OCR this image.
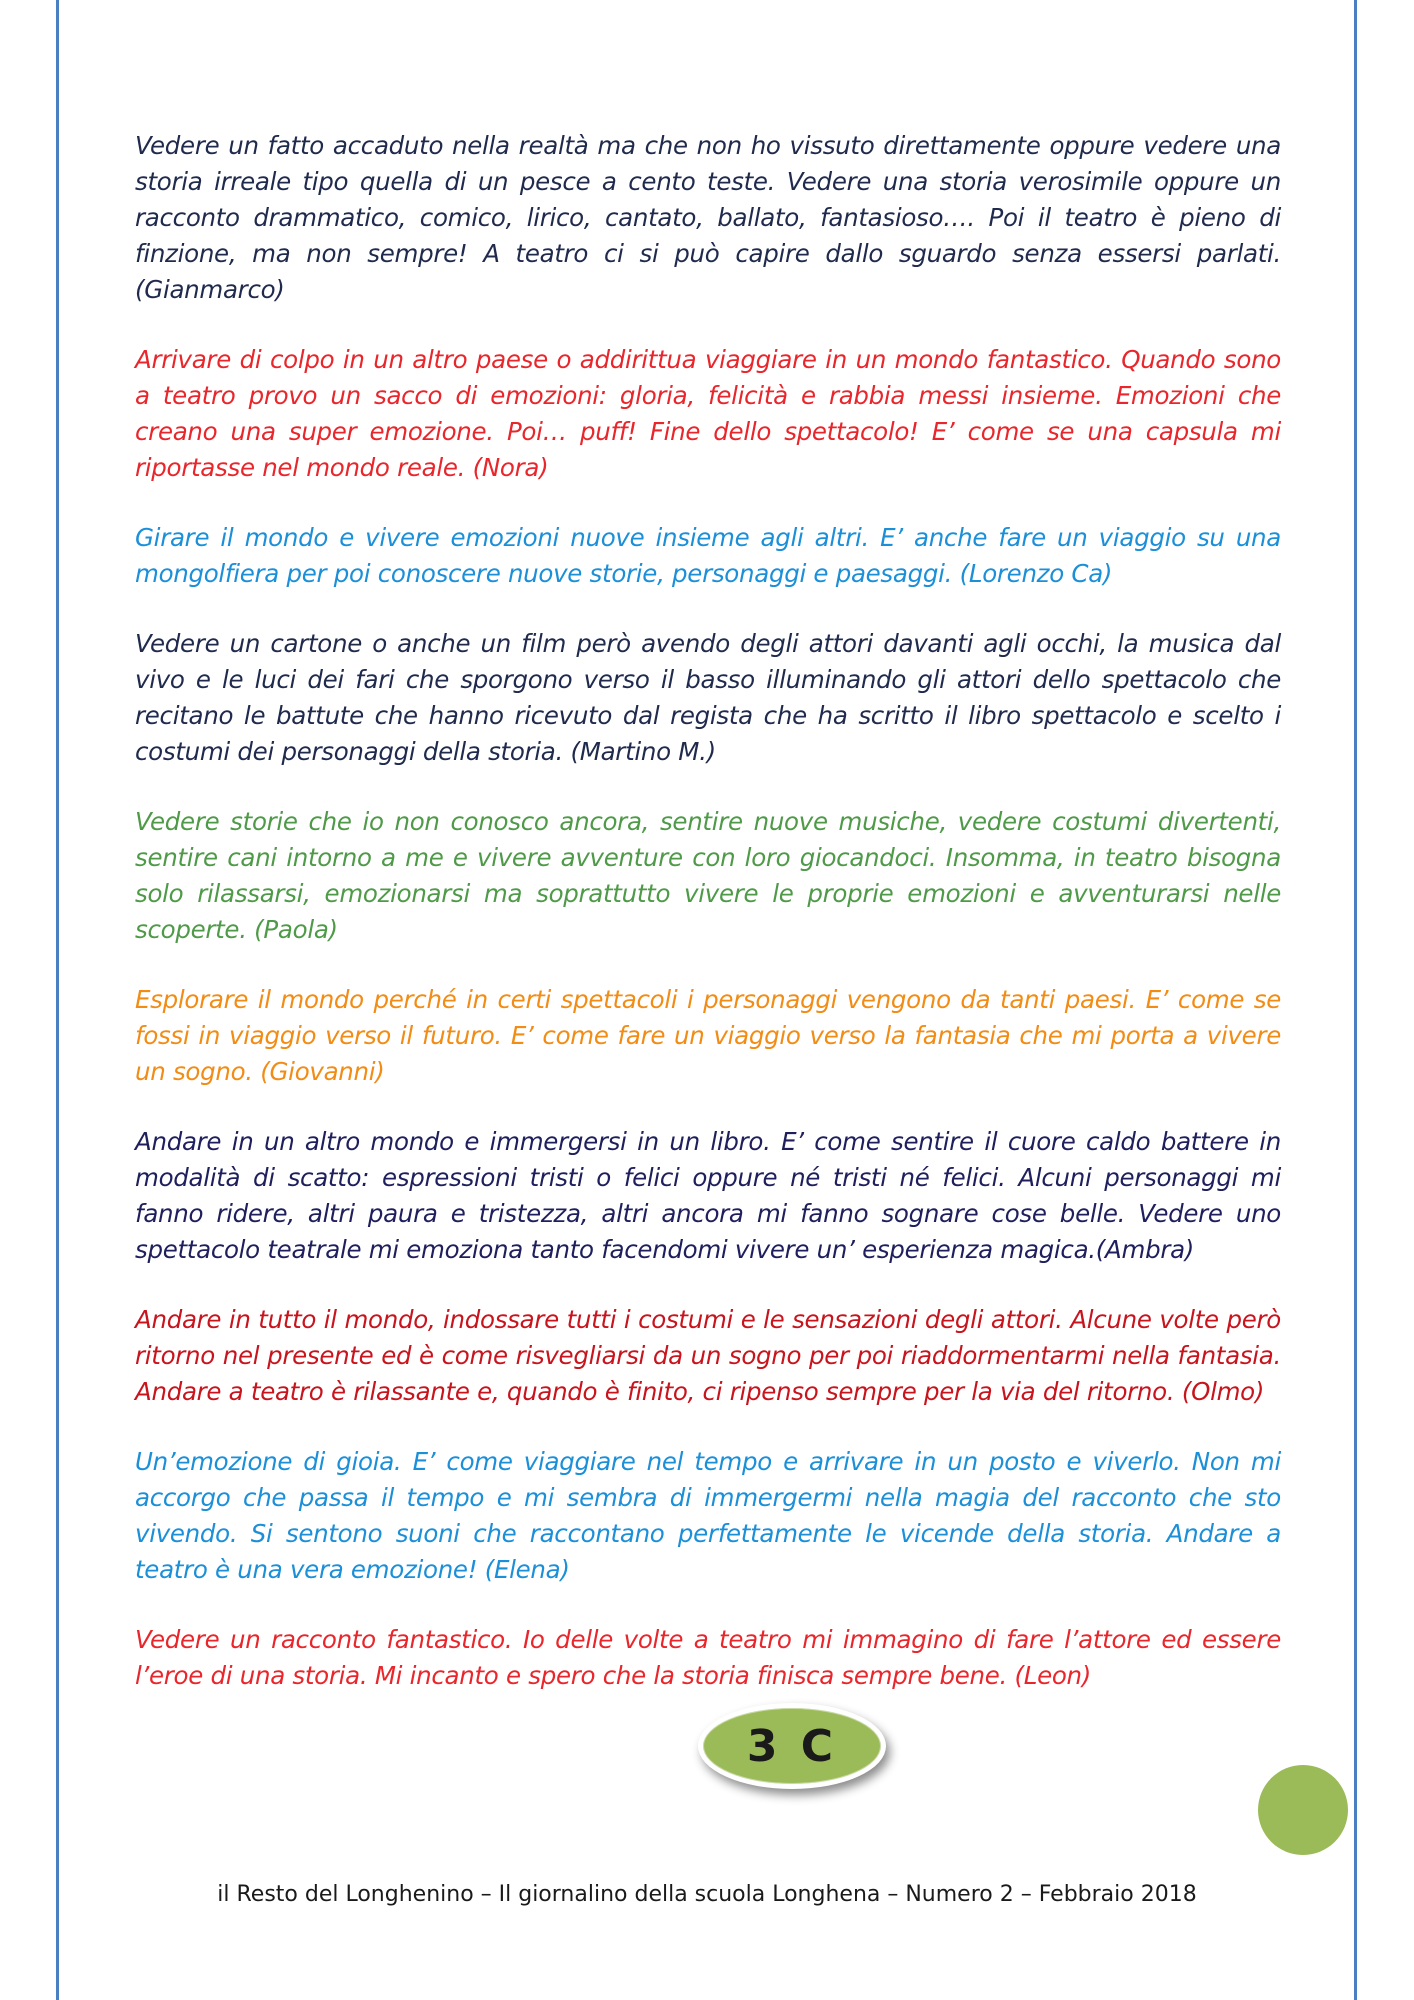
Vedere un fatto accaduto nella realtà ma che non ho vissuto direttamente oppure vedere una storia irreale tipo quella di un pesce a cento teste. Vedere una storia verosimile oppure un racconto drammatico, comico, lirico, cantato, ballato, fantasioso…. Poi il teatro è pieno di finzione, ma non sempre! A teatro ci si può capire dallo sguardo senza essersi parlati. (Gianmarco)

Arrivare di colpo in un altro paese o addirittua viaggiare in un mondo fantastico. Quando sono a teatro provo un sacco di emozioni: gloria, felicità e rabbia messi insieme. Emozioni che creano una super emozione. Poi… puff! Fine dello spettacolo! E’ come se una capsula mi riportasse nel mondo reale. (Nora)

Girare il mondo e vivere emozioni nuove insieme agli altri. E’ anche fare un viaggio su una mongolfiera per poi conoscere nuove storie, personaggi e paesaggi. (Lorenzo Ca)

Vedere un cartone o anche un film però avendo degli attori davanti agli occhi, la musica dal vivo e le luci dei fari che sporgono verso il basso illuminando gli attori dello spettacolo che recitano le battute che hanno ricevuto dal regista che ha scritto il libro spettacolo e scelto i costumi dei personaggi della storia. (Martino M.)

Vedere storie che io non conosco ancora, sentire nuove musiche, vedere costumi divertenti, sentire cani intorno a me e vivere avventure con loro giocandoci. Insomma, in teatro bisogna solo rilassarsi, emozionarsi ma soprattutto vivere le proprie emozioni e avventurarsi nelle scoperte. (Paola)

Esplorare il mondo perché in certi spettacoli i personaggi vengono da tanti paesi. E’ come se fossi in viaggio verso il futuro. E’ come fare un viaggio verso la fantasia che mi porta a vivere un sogno. (Giovanni)

Andare in un altro mondo e immergersi in un libro. E’ come sentire il cuore caldo battere in modalità di scatto: espressioni tristi o felici oppure né tristi né felici. Alcuni personaggi mi fanno ridere, altri paura e tristezza, altri ancora mi fanno sognare cose belle. Vedere uno spettacolo teatrale mi emoziona tanto facendomi vivere un’ esperienza magica.(Ambra)

Andare in tutto il mondo, indossare tutti i costumi e le sensazioni degli attori. Alcune volte però ritorno nel presente ed è come risvegliarsi da un sogno per poi riaddormentarmi nella fantasia. Andare a teatro è rilassante e, quando è finito, ci ripenso sempre per la via del ritorno. (Olmo)

Un’emozione di gioia. E’ come viaggiare nel tempo e arrivare in un posto e viverlo. Non mi accorgo che passa il tempo e mi sembra di immergermi nella magia del racconto che sto vivendo. Si sentono suoni che raccontano perfettamente le vicende della storia. Andare a teatro è una vera emozione! (Elena)

Vedere un racconto fantastico. Io delle volte a teatro mi immagino di fare l’attore ed essere l’eroe di una storia. Mi incanto e spero che la storia finisca sempre bene. (Leon)

3 C
il Resto del Longhenino – Il giornalino della scuola Longhena – Numero 2 – Febbraio 2018
